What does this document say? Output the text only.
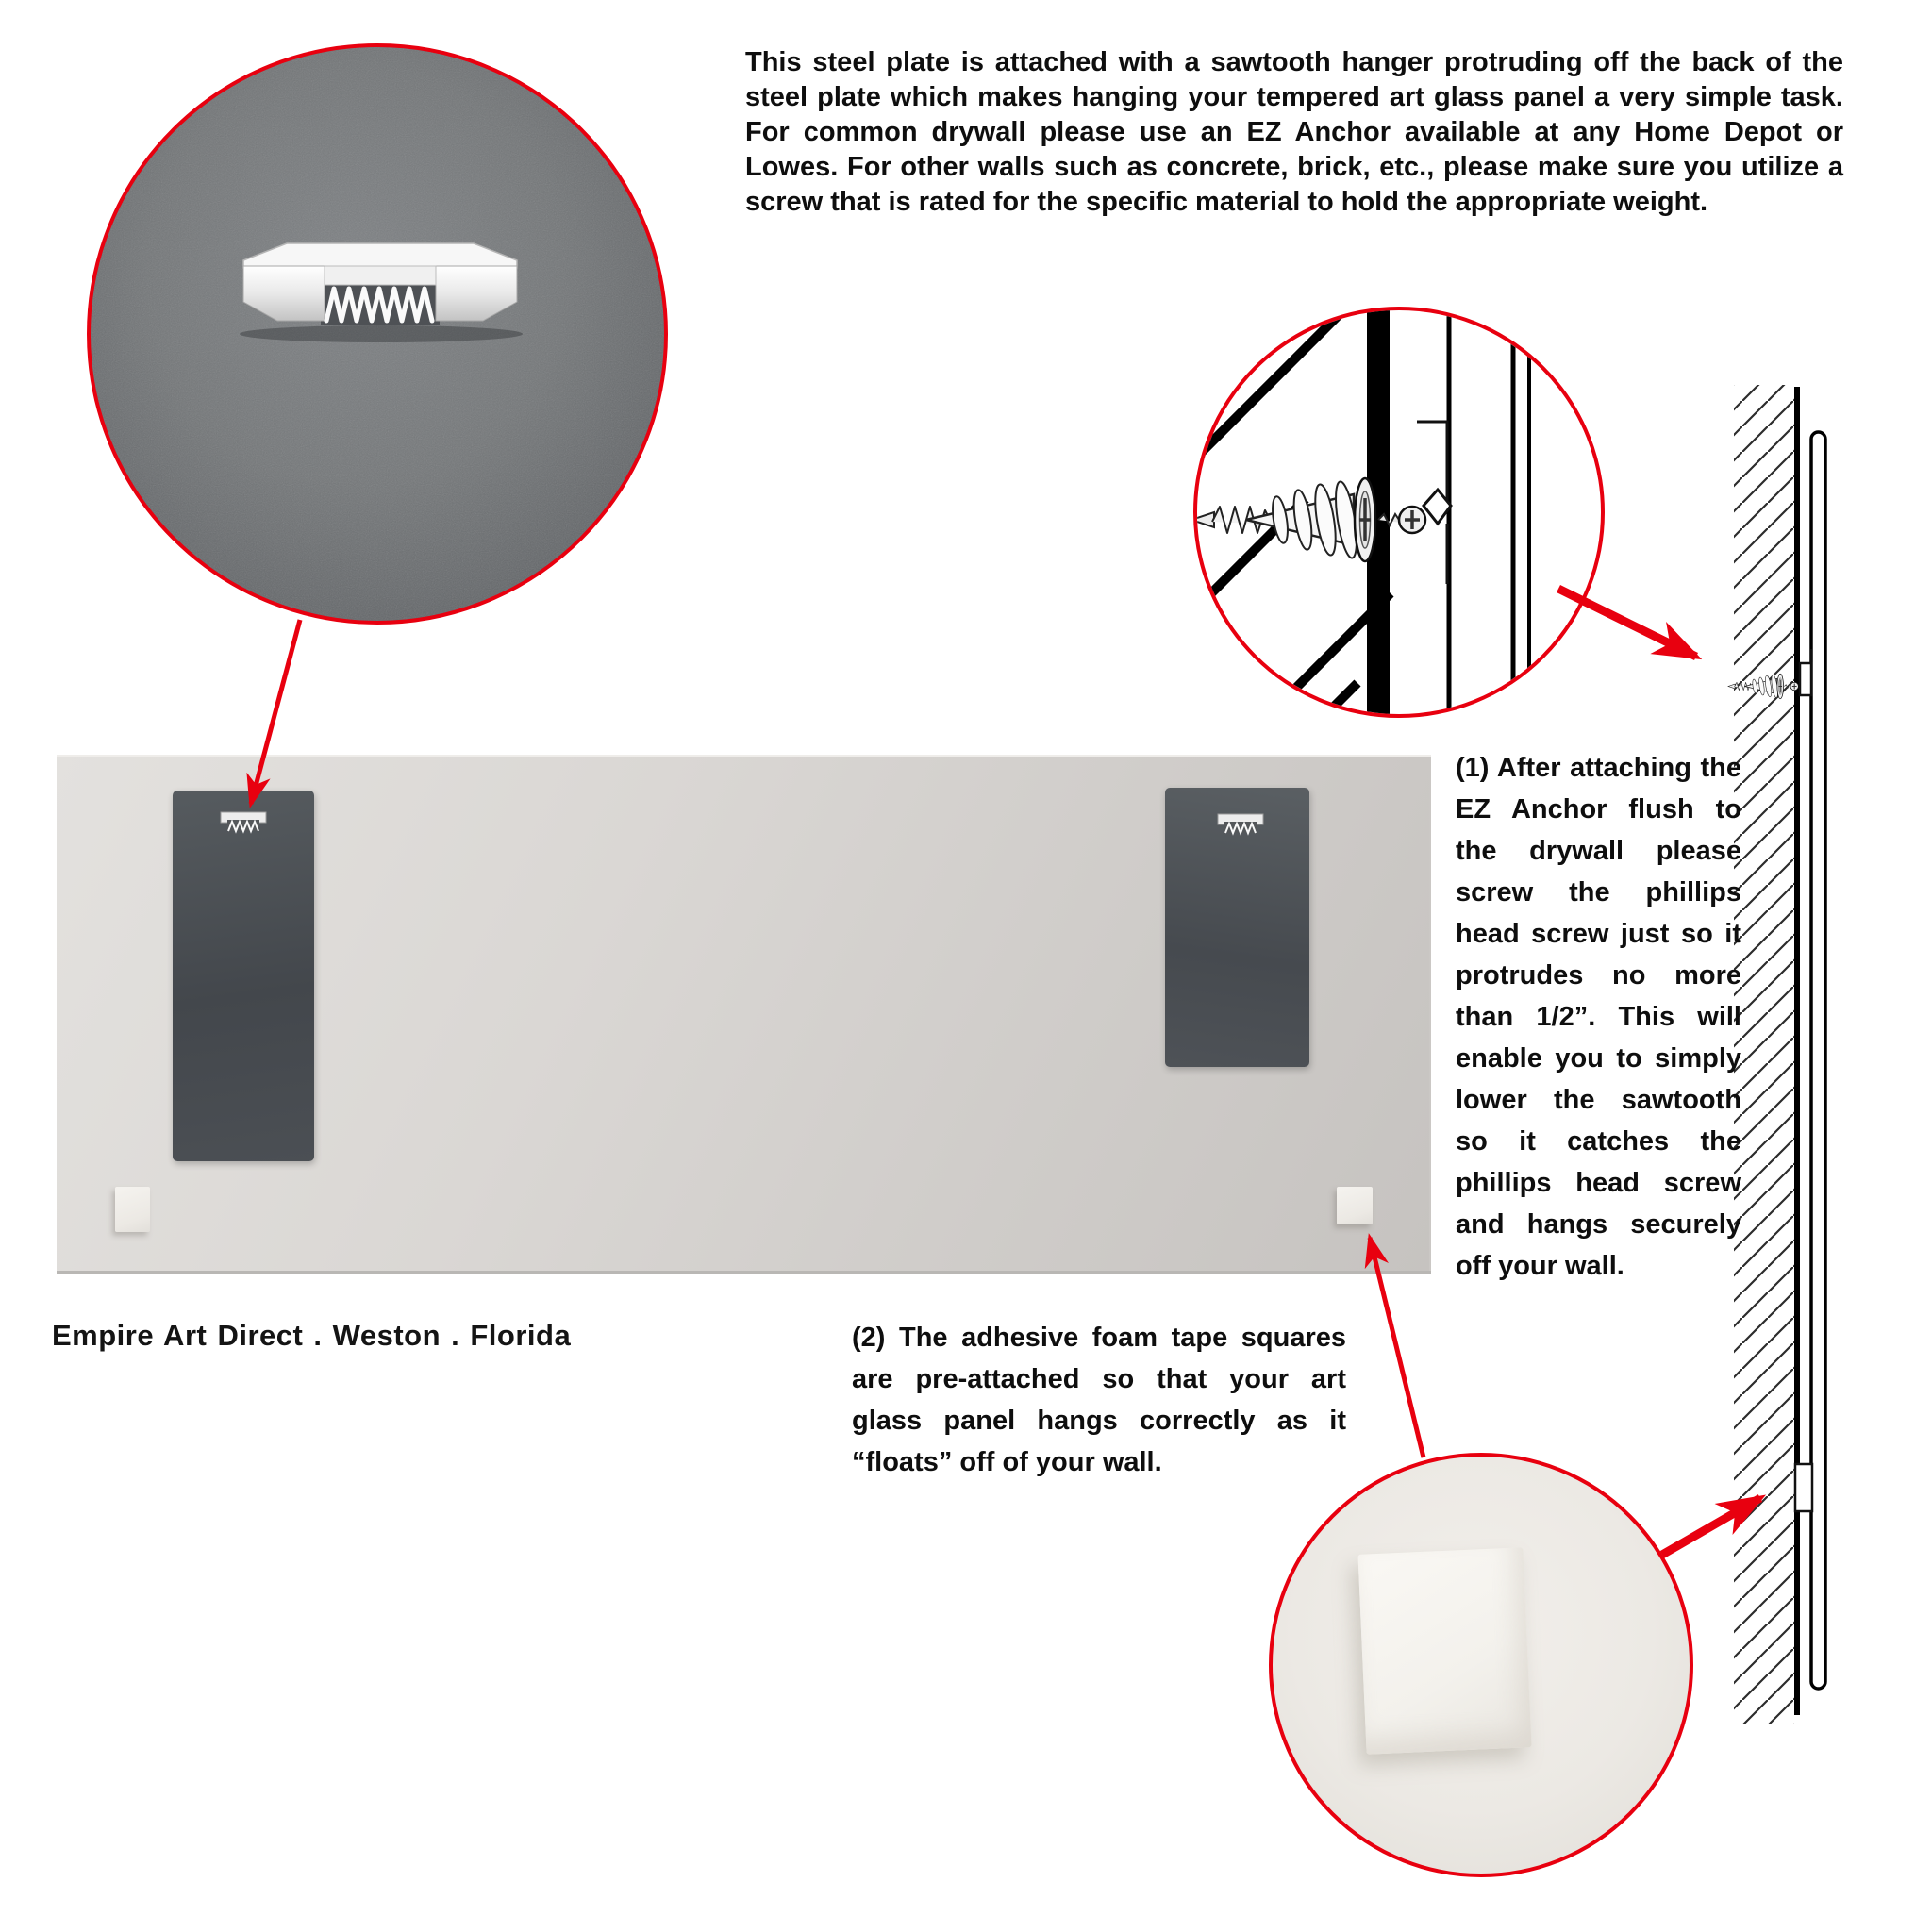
This steel plate is attached with a sawtooth hanger protruding off the back of the steel plate which makes hanging your tempered art glass panel a very simple task. For common drywall please use an EZ Anchor available at any Home Depot or Lowes. For other walls such as concrete, brick, etc., please make sure you utilize a screw that is rated for the specific material to hold the appropriate weight.
(1) After attaching the EZ Anchor flush to the drywall please screw the phillips head screw just so it protrudes no more than 1/2”. This will enable you to simply lower the sawtooth so it catches the phillips head screw and hangs securely off your wall.
Empire Art Direct . Weston . Florida	(2) The adhesive foam tape squares are pre-attached so that your art glass panel hangs correctly as it “floats” off of your wall.
